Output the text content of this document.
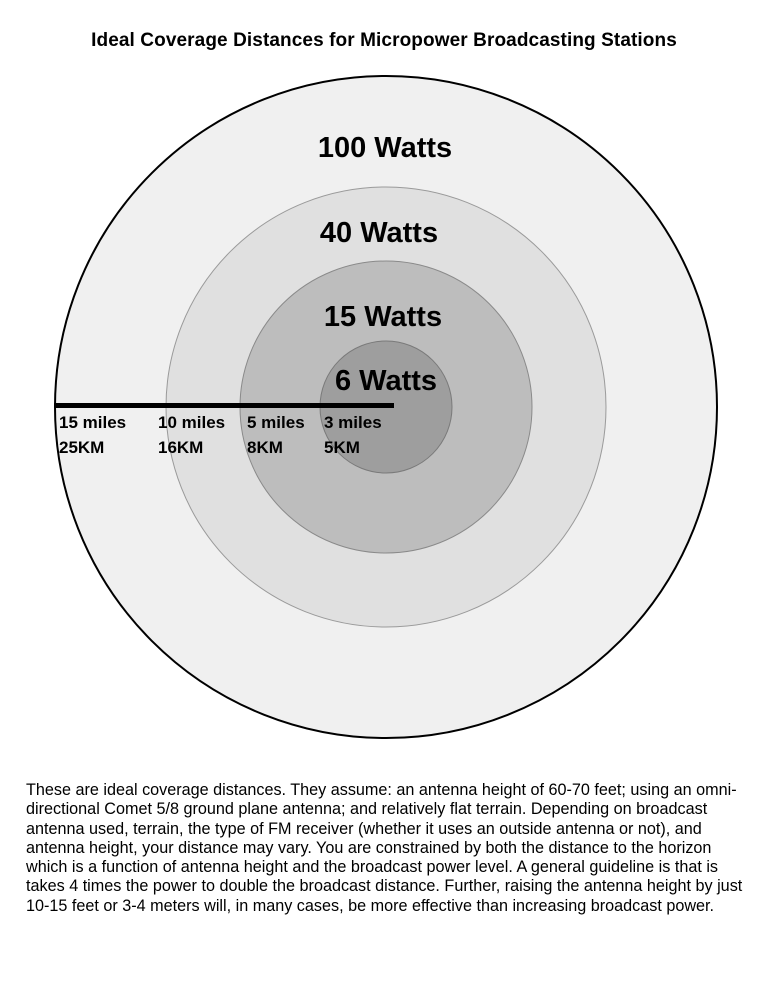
Ideal Coverage Distances for Micropower Broadcasting Stations
100 Watts
40 Watts
15 Watts
6 Watts
15 miles
25KM
10 miles
16KM
5 miles
8KM
3 miles
5KM

These are ideal coverage distances. They assume: an antenna height of 60-70 feet; using an omni-directional Comet 5/8 ground plane antenna; and relatively flat terrain. Depending on broadcast antenna used, terrain, the type of FM receiver (whether it uses an outside antenna or not), and antenna height, your distance may vary. You are constrained by both the distance to the horizon which is a function of antenna height and the broadcast power level. A general guideline is that is takes 4 times the power to double the broadcast distance. Further, raising the antenna height by just 10-15 feet or 3-4 meters will, in many cases, be more effective than increasing broadcast power.
